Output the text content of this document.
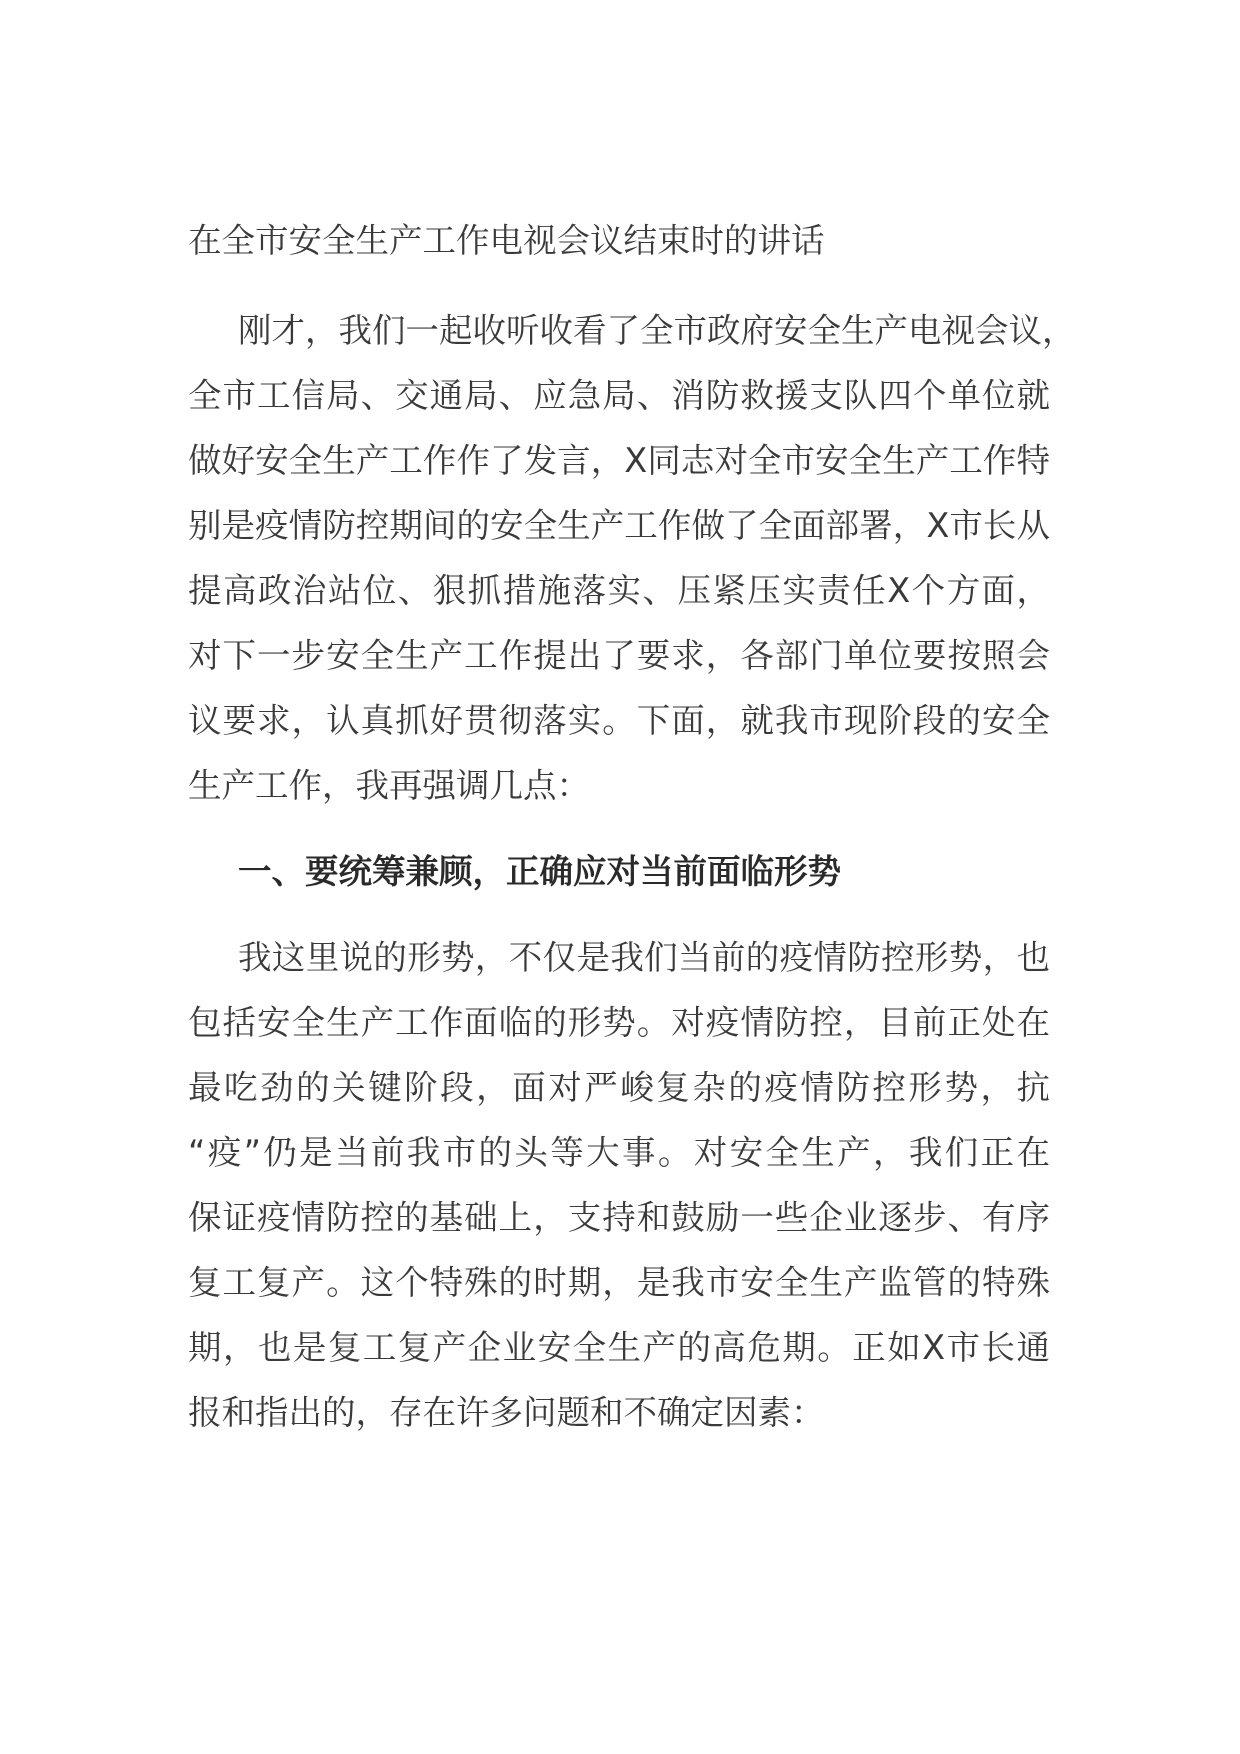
在全市安全生产工作电视会议结束时的讲话
刚才，我们一起收听收看了全市政府安全生产电视会议，
全市工信局、交通局、应急局、消防救援支队四个单位就
做好安全生产工作作了发言，X同志对全市安全生产工作特
别是疫情防控期间的安全生产工作做了全面部署，X市长从
提高政治站位、狠抓措施落实、压紧压实责任X个方面，
对下一步安全生产工作提出了要求，各部门单位要按照会
议要求，认真抓好贯彻落实。下面，就我市现阶段的安全
生产工作，我再强调几点：
一、要统筹兼顾，正确应对当前面临形势
我这里说的形势，不仅是我们当前的疫情防控形势，也
包括安全生产工作面临的形势。对疫情防控，目前正处在
最吃劲的关键阶段，面对严峻复杂的疫情防控形势，抗
“疫”仍是当前我市的头等大事。对安全生产，我们正在
保证疫情防控的基础上，支持和鼓励一些企业逐步、有序
复工复产。这个特殊的时期，是我市安全生产监管的特殊
期，也是复工复产企业安全生产的高危期。正如X市长通
报和指出的，存在许多问题和不确定因素：
